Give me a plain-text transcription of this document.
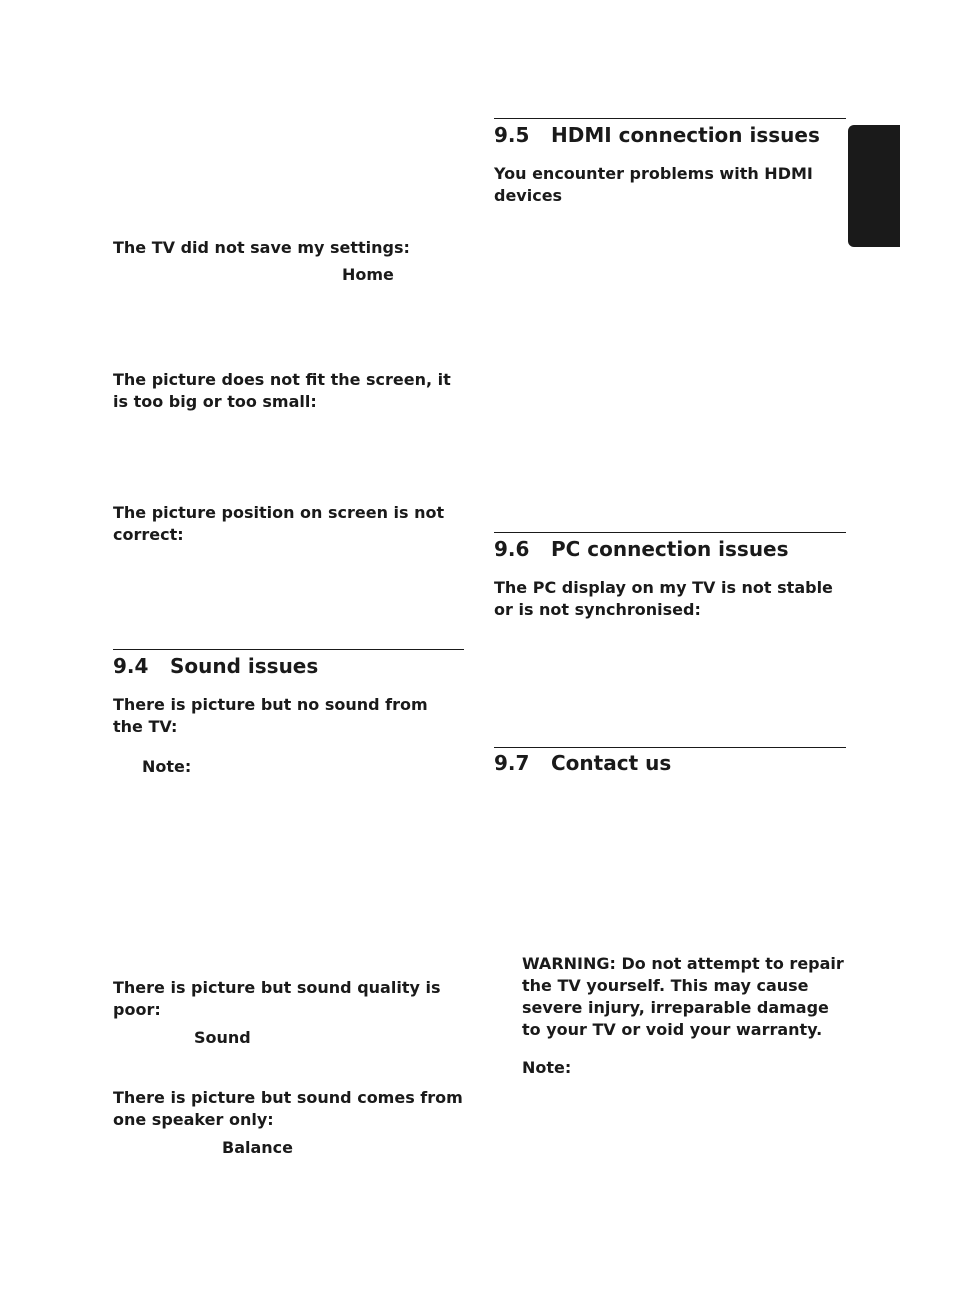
The TV did not save my settings:
Home
The picture does not fit the screen, it is too big or too small:
The picture position on screen is not correct:
9.4 Sound issues
There is picture but no sound from the TV:
Note:
There is picture but sound quality is poor:
Sound
There is picture but sound comes from one speaker only:
Balance
9.5 HDMI connection issues
You encounter problems with HDMI devices
9.6 PC connection issues
The PC display on my TV is not stable or is not synchronised:
9.7 Contact us
WARNING: Do not attempt to repair the TV yourself. This may cause severe injury, irreparable damage to your TV or void your warranty.
Note:
